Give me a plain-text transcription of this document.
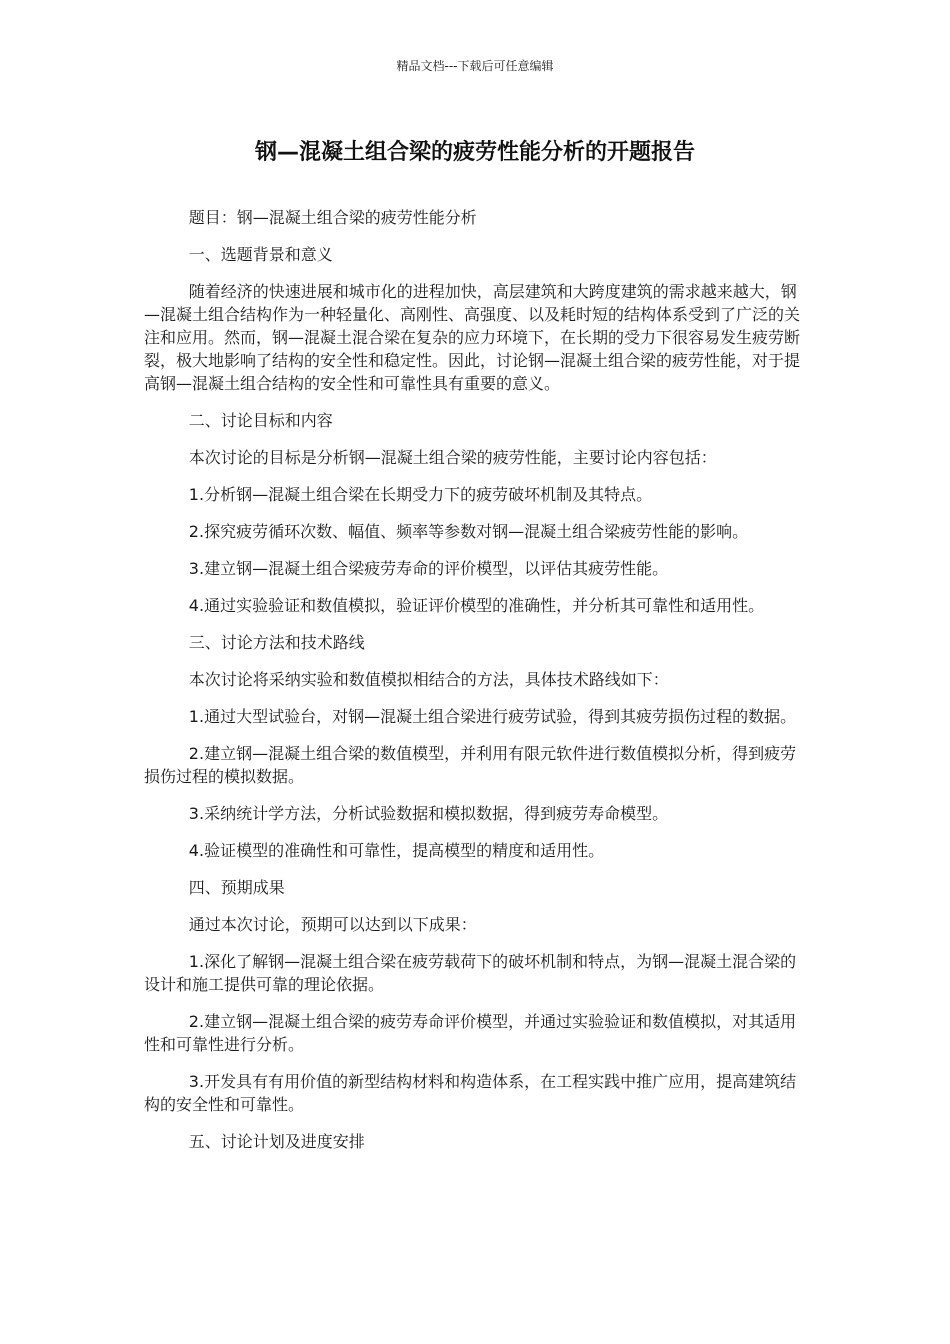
精品文档---下载后可任意编辑
钢—混凝土组合梁的疲劳性能分析的开题报告

题目：钢—混凝土组合梁的疲劳性能分析

一、选题背景和意义

随着经济的快速进展和城市化的进程加快，高层建筑和大跨度建筑的需求越来越大，钢—混凝土组合结构作为一种轻量化、高刚性、高强度、以及耗时短的结构体系受到了广泛的关注和应用。然而，钢—混凝土混合梁在复杂的应力环境下，在长期的受力下很容易发生疲劳断裂，极大地影响了结构的安全性和稳定性。因此，讨论钢—混凝土组合梁的疲劳性能，对于提高钢—混凝土组合结构的安全性和可靠性具有重要的意义。

二、讨论目标和内容

本次讨论的目标是分析钢—混凝土组合梁的疲劳性能，主要讨论内容包括：

1.分析钢—混凝土组合梁在长期受力下的疲劳破坏机制及其特点。

2.探究疲劳循环次数、幅值、频率等参数对钢—混凝土组合梁疲劳性能的影响。

3.建立钢—混凝土组合梁疲劳寿命的评价模型，以评估其疲劳性能。

4.通过实验验证和数值模拟，验证评价模型的准确性，并分析其可靠性和适用性。

三、讨论方法和技术路线

本次讨论将采纳实验和数值模拟相结合的方法，具体技术路线如下：

1.通过大型试验台，对钢—混凝土组合梁进行疲劳试验，得到其疲劳损伤过程的数据。

2.建立钢—混凝土组合梁的数值模型，并利用有限元软件进行数值模拟分析，得到疲劳损伤过程的模拟数据。

3.采纳统计学方法，分析试验数据和模拟数据，得到疲劳寿命模型。

4.验证模型的准确性和可靠性，提高模型的精度和适用性。

四、预期成果

通过本次讨论，预期可以达到以下成果：

1.深化了解钢—混凝土组合梁在疲劳载荷下的破坏机制和特点，为钢—混凝土混合梁的设计和施工提供可靠的理论依据。

2.建立钢—混凝土组合梁的疲劳寿命评价模型，并通过实验验证和数值模拟，对其适用性和可靠性进行分析。

3.开发具有有用价值的新型结构材料和构造体系，在工程实践中推广应用，提高建筑结构的安全性和可靠性。

五、讨论计划及进度安排
